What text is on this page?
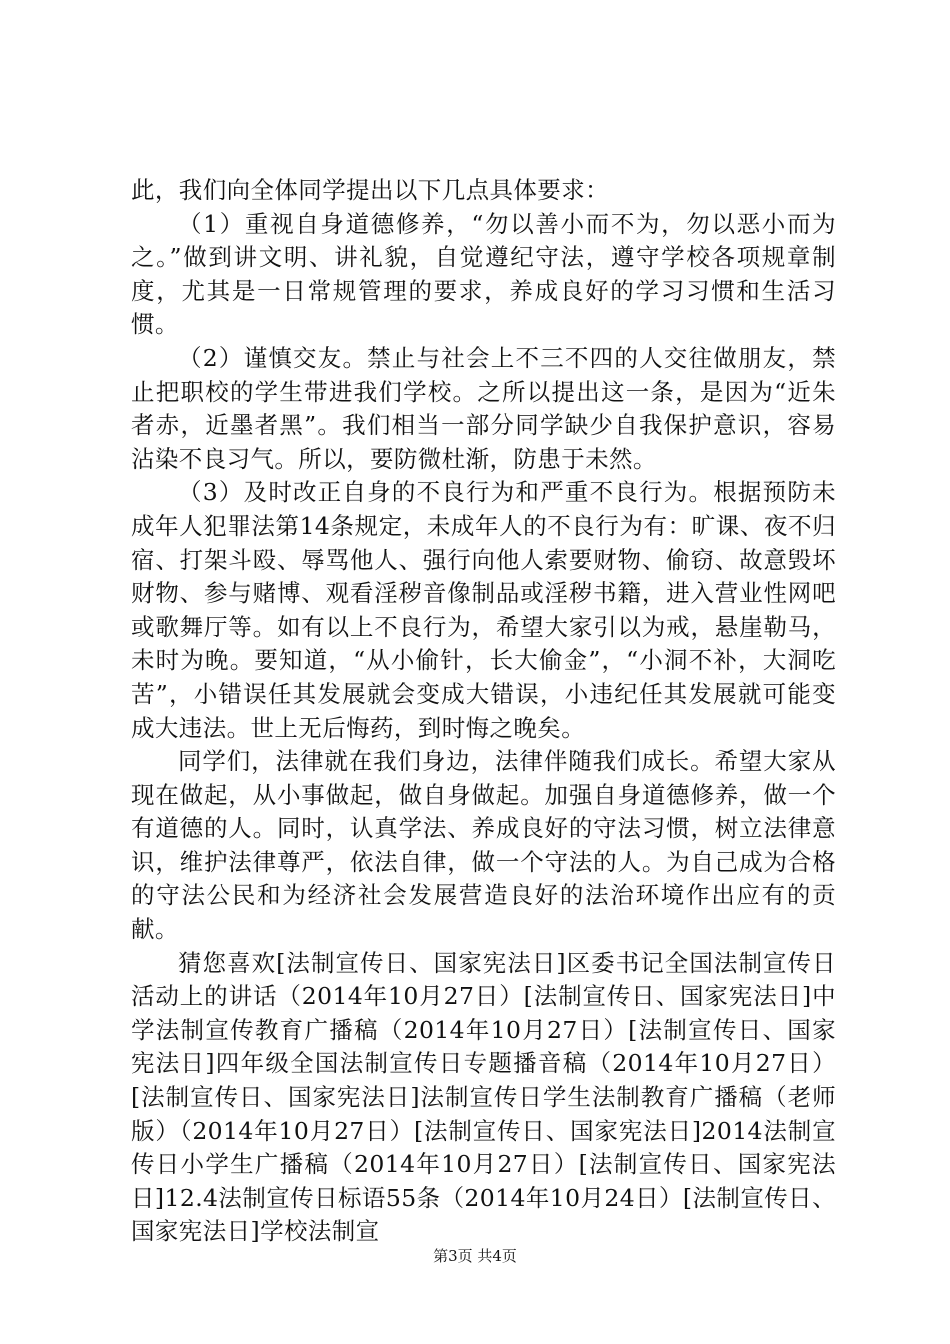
此，我们向全体同学提出以下几点具体要求：

（1）重视自身道德修养，“勿以善小而不为，勿以恶小而为之。”做到讲文明、讲礼貌，自觉遵纪守法，遵守学校各项规章制度，尤其是一日常规管理的要求，养成良好的学习习惯和生活习惯。

（2）谨慎交友。禁止与社会上不三不四的人交往做朋友，禁止把职校的学生带进我们学校。之所以提出这一条，是因为“近朱者赤，近墨者黑”。我们相当一部分同学缺少自我保护意识，容易沾染不良习气。所以，要防微杜渐，防患于未然。

（3）及时改正自身的不良行为和严重不良行为。根据预防未成年人犯罪法第14条规定，未成年人的不良行为有：旷课、夜不归宿、打架斗殴、辱骂他人、强行向他人索要财物、偷窃、故意毁坏财物、参与赌博、观看淫秽音像制品或淫秽书籍，进入营业性网吧或歌舞厅等。如有以上不良行为，希望大家引以为戒，悬崖勒马，未时为晚。要知道，“从小偷针，长大偷金”，“小洞不补，大洞吃苦”，小错误任其发展就会变成大错误，小违纪任其发展就可能变成大违法。世上无后悔药，到时悔之晚矣。

同学们，法律就在我们身边，法律伴随我们成长。希望大家从现在做起，从小事做起，做自身做起。加强自身道德修养，做一个有道德的人。同时，认真学法、养成良好的守法习惯，树立法律意识，维护法律尊严，依法自律，做一个守法的人。为自己成为合格的守法公民和为经济社会发展营造良好的法治环境作出应有的贡献。

猜您喜欢[法制宣传日、国家宪法日]区委书记全国法制宣传日活动上的讲话（2014年10月27日）[法制宣传日、国家宪法日]中学法制宣传教育广播稿（2014年10月27日）[法制宣传日、国家宪法日]四年级全国法制宣传日专题播音稿（2014年10月27日）[法制宣传日、国家宪法日]法制宣传日学生法制教育广播稿（老师版）（2014年10月27日）[法制宣传日、国家宪法日]2014法制宣传日小学生广播稿（2014年10月27日）[法制宣传日、国家宪法日]12.4法制宣传日标语55条（2014年10月24日）[法制宣传日、国家宪法日]学校法制宣

第3页 共4页
